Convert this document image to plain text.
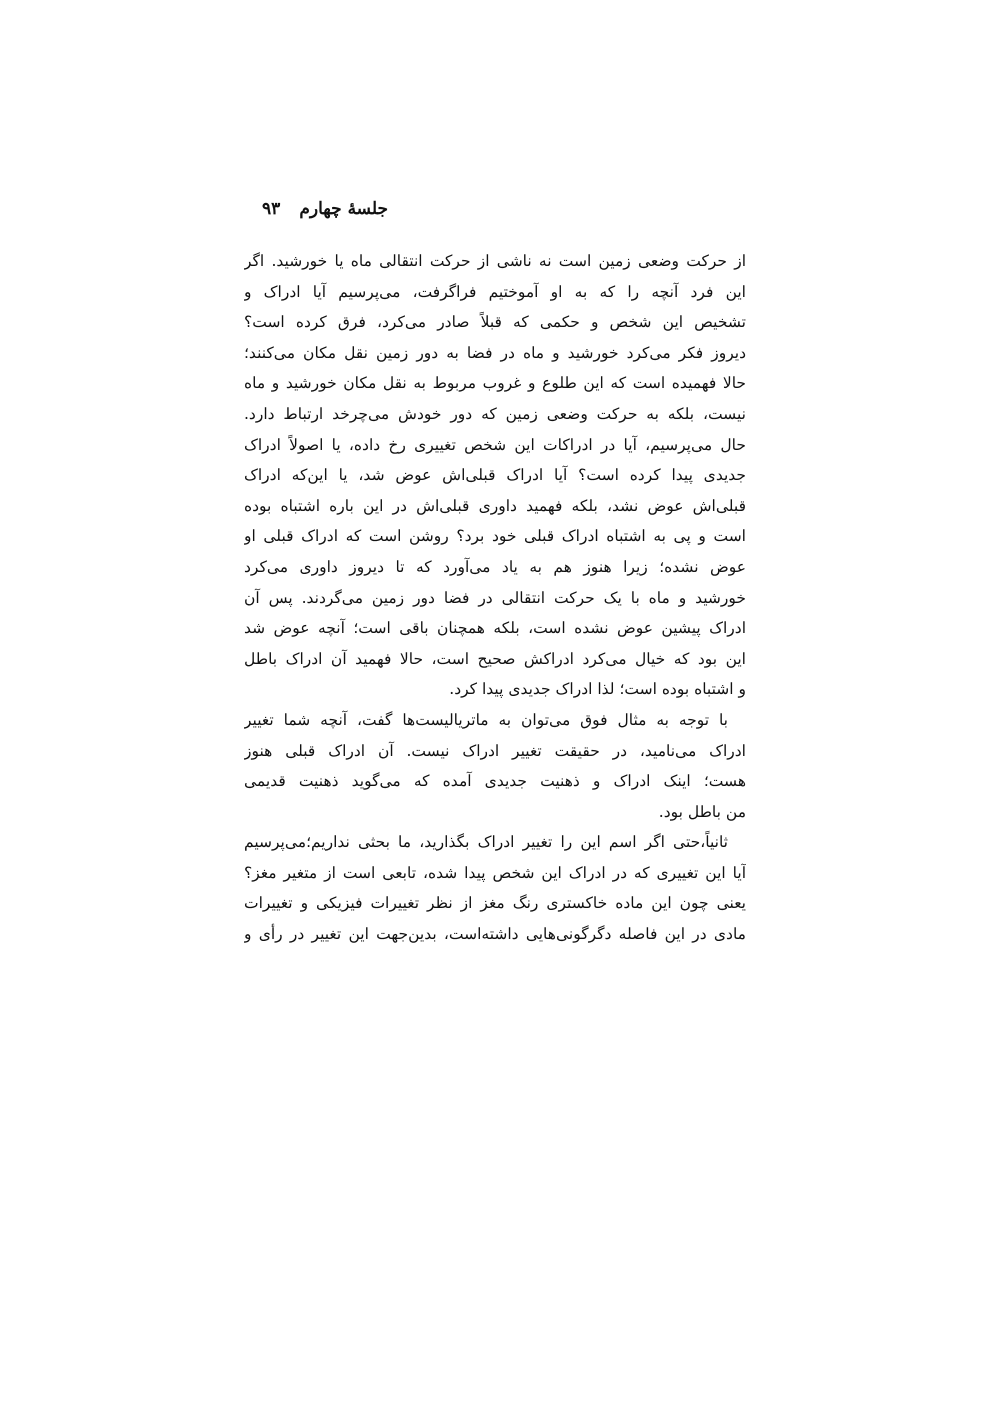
۹۳ جلسهٔ چهارم
از حرکت وضعی زمین است نه ناشی از حرکت انتقالی ماه یا خورشید. اگر
این فرد آنچه را که به او آموختیم فراگرفت، می‌پرسیم آیا ادراک و
تشخیص این شخص و حکمی که قبلاً صادر می‌کرد، فرق کرده است؟
دیروز فکر می‌کرد خورشید و ماه در فضا به دور زمین نقل مکان می‌کنند؛
حالا فهمیده است که این طلوع و غروب مربوط به نقل مکان خورشید و ماه
نیست، بلکه به حرکت وضعی زمین که دور خودش می‌چرخد ارتباط دارد.
حال می‌پرسیم، آیا در ادراکات این شخص تغییری رخ داده، یا اصولاً ادراک
جدیدی پیدا کرده است؟ آیا ادراک قبلی‌اش عوض شد، یا این‌که ادراک
قبلی‌اش عوض نشد، بلکه فهمید داوری قبلی‌اش در این باره اشتباه بوده
است و پی به اشتباه ادراک قبلی خود برد؟ روشن است که ادراک قبلی او
عوض نشده؛ زیرا هنوز هم به یاد می‌آورد که تا دیروز داوری می‌کرد
خورشید و ماه با یک حرکت انتقالی در فضا دور زمین می‌گردند. پس آن
ادراک پیشین عوض نشده است، بلکه همچنان باقی است؛ آنچه عوض شد
این بود که خیال می‌کرد ادراکش صحیح است، حالا فهمید آن ادراک باطل
و اشتباه بوده است؛ لذا ادراک جدیدی پیدا کرد.
با توجه به مثال فوق می‌توان به ماتریالیست‌ها گفت، آنچه شما تغییر
ادراک می‌نامید، در حقیقت تغییر ادراک نیست. آن ادراک قبلی هنوز
هست؛ اینک ادراک و ذهنیت جدیدی آمده که می‌گوید ذهنیت قدیمی
من باطل بود.
ثانیاً،حتی اگر اسم این را تغییر ادراک بگذارید، ما بحثی نداریم؛می‌پرسیم
آیا این تغییری که در ادراک این شخص پیدا شده، تابعی است از متغیر مغز؟
یعنی چون این ماده خاکستری رنگ مغز از نظر تغییرات فیزیکی و تغییرات
مادی در این فاصله دگرگونی‌هایی داشته‌است، بدین‌جهت این تغییر در رأی و
